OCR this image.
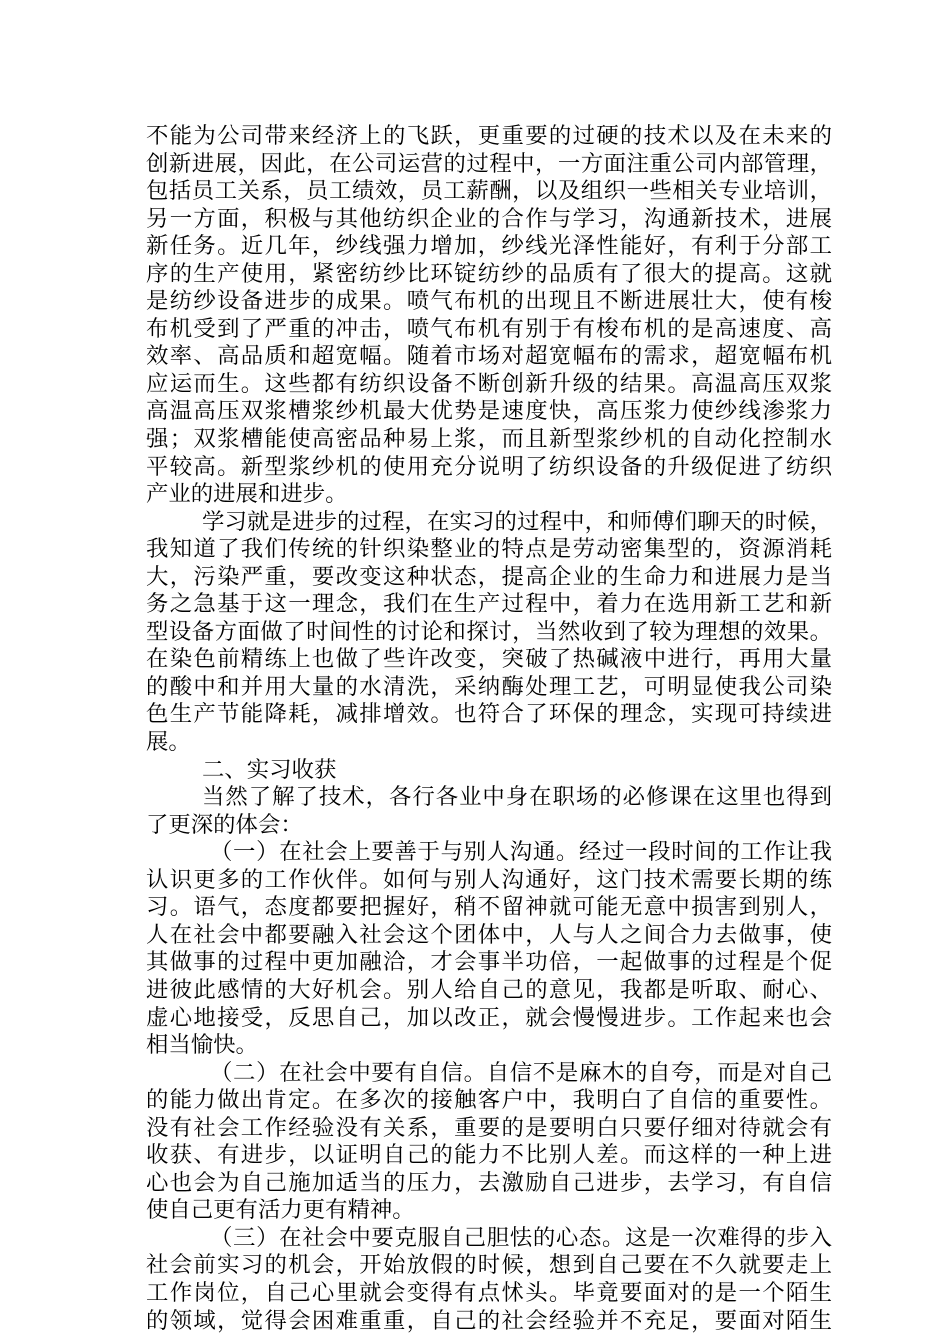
不能为公司带来经济上的飞跃，更重要的过硬的技术以及在未来的
创新进展，因此，在公司运营的过程中，一方面注重公司内部管理，
包括员工关系，员工绩效，员工薪酬，以及组织一些相关专业培训，
另一方面，积极与其他纺织企业的合作与学习，沟通新技术，进展
新任务。近几年，纱线强力增加，纱线光泽性能好，有利于分部工
序的生产使用，紧密纺纱比环锭纺纱的品质有了很大的提高。这就
是纺纱设备进步的成果。喷气布机的出现且不断进展壮大，使有梭
布机受到了严重的冲击，喷气布机有别于有梭布机的是高速度、高
效率、高品质和超宽幅。随着市场对超宽幅布的需求，超宽幅布机
应运而生。这些都有纺织设备不断创新升级的结果。高温高压双浆
高温高压双浆槽浆纱机最大优势是速度快，高压浆力使纱线渗浆力
强；双浆槽能使高密品种易上浆，而且新型浆纱机的自动化控制水
平较高。新型浆纱机的使用充分说明了纺织设备的升级促进了纺织
产业的进展和进步。
学习就是进步的过程，在实习的过程中，和师傅们聊天的时候，
我知道了我们传统的针织染整业的特点是劳动密集型的，资源消耗
大，污染严重，要改变这种状态，提高企业的生命力和进展力是当
务之急基于这一理念，我们在生产过程中，着力在选用新工艺和新
型设备方面做了时间性的讨论和探讨，当然收到了较为理想的效果。
在染色前精练上也做了些许改变，突破了热碱液中进行，再用大量
的酸中和并用大量的水清洗，采纳酶处理工艺，可明显使我公司染
色生产节能降耗，减排增效。也符合了环保的理念，实现可持续进
展。
二、实习收获
当然了解了技术，各行各业中身在职场的必修课在这里也得到
了更深的体会：
（一）在社会上要善于与别人沟通。经过一段时间的工作让我
认识更多的工作伙伴。如何与别人沟通好，这门技术需要长期的练
习。语气，态度都要把握好，稍不留神就可能无意中损害到别人，
人在社会中都要融入社会这个团体中，人与人之间合力去做事，使
其做事的过程中更加融洽，才会事半功倍，一起做事的过程是个促
进彼此感情的大好机会。别人给自己的意见，我都是听取、耐心、
虚心地接受，反思自己，加以改正，就会慢慢进步。工作起来也会
相当愉快。
（二）在社会中要有自信。自信不是麻木的自夸，而是对自己
的能力做出肯定。在多次的接触客户中，我明白了自信的重要性。
没有社会工作经验没有关系，重要的是要明白只要仔细对待就会有
收获、有进步，以证明自己的能力不比别人差。而这样的一种上进
心也会为自己施加适当的压力，去激励自己进步，去学习，有自信
使自己更有活力更有精神。
（三）在社会中要克服自己胆怯的心态。这是一次难得的步入
社会前实习的机会，开始放假的时候，想到自己要在不久就要走上
工作岗位，自己心里就会变得有点怵头。毕竟要面对的是一个陌生
的领域，觉得会困难重重，自己的社会经验并不充足，要面对陌生
